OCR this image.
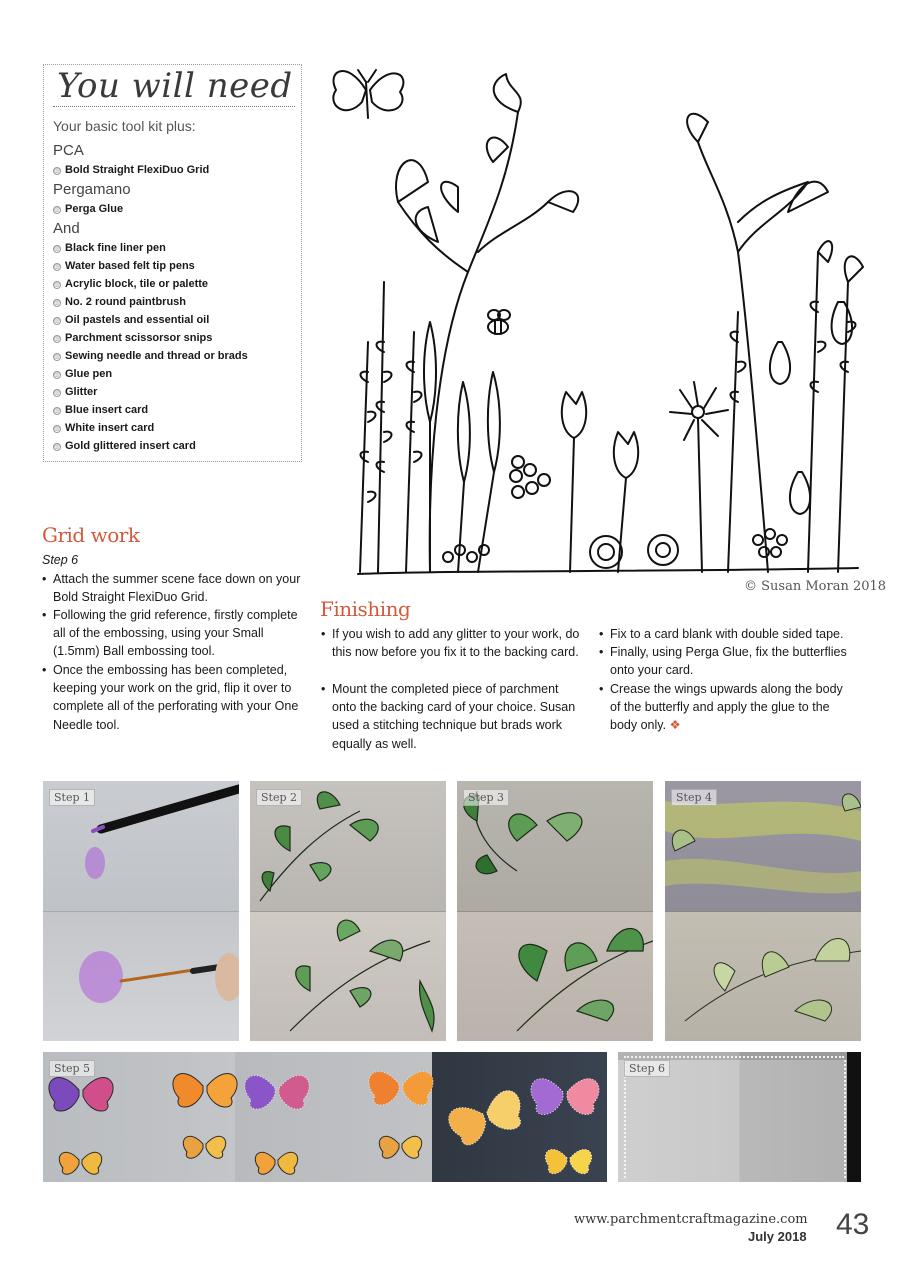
You will need
Your basic tool kit plus:
PCA
@ Bold Straight FlexiDuo Grid
Pergamano
@ Perga Glue
And
@ Black fine liner pen
@ Water based felt tip pens
@ Acrylic block, tile or palette
@ No. 2 round paintbrush
@ Oil pastels and essential oil
@ Parchment scissorsor snips
@ Sewing needle and thread or brads
@ Glue pen
@ Glitter
@ Blue insert card
@ White insert card
@ Gold glittered insert card
© Susan Moran 2018
Grid work
Step 6
• Attach the summer scene face down on your Bold Straight FlexiDuo Grid.
• Following the grid reference, firstly complete all of the embossing, using your Small (1.5mm) Ball embossing tool.
• Once the embossing has been completed, keeping your work on the grid, flip it over to complete all of the perforating with your One Needle tool.
Finishing
• If you wish to add any glitter to your work, do this now before you fix it to the backing card.
• Mount the completed piece of parchment onto the backing card of your choice. Susan used a stitching technique but brads work equally as well.
• Fix to a card blank with double sided tape.
• Finally, using Perga Glue, fix the butterflies onto your card.
• Crease the wings upwards along the body of the butterfly and apply the glue to the body only. ❖
Step 1	Step 2	Step 3	Step 4
Step 5	Step 6
www.parchmentcraftmagazine.com
July 2018 43
